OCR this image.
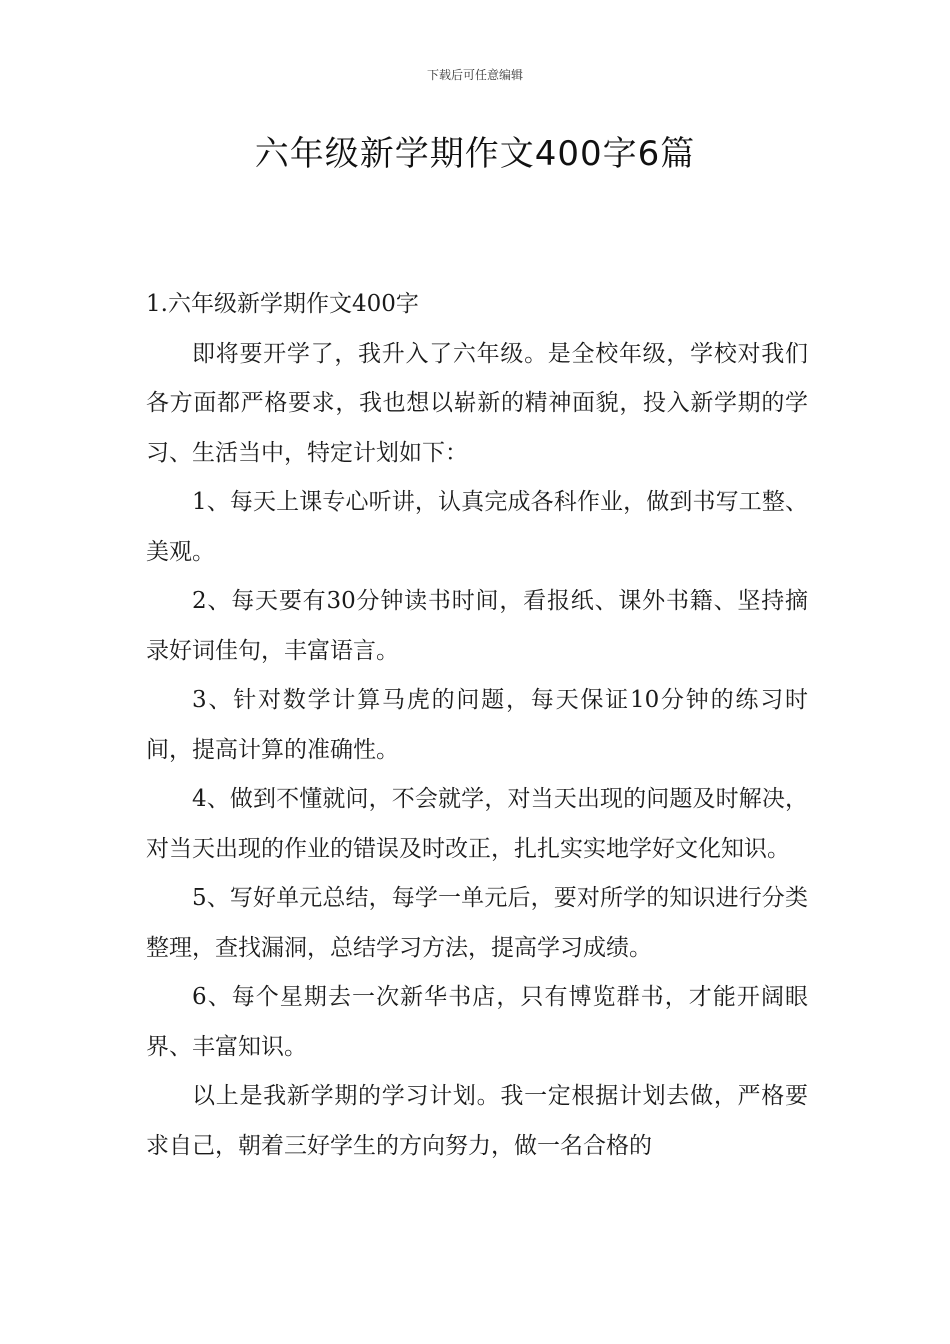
下载后可任意编辑
六年级新学期作文400字6篇
1.六年级新学期作文400字

即将要开学了，我升入了六年级。是全校年级，学校对我们各方面都严格要求，我也想以崭新的精神面貌，投入新学期的学习、生活当中，特定计划如下：

1、每天上课专心听讲，认真完成各科作业，做到书写工整、美观。

2、每天要有30分钟读书时间，看报纸、课外书籍、坚持摘录好词佳句，丰富语言。

3、针对数学计算马虎的问题，每天保证10分钟的练习时间，提高计算的准确性。

4、做到不懂就问，不会就学，对当天出现的问题及时解决，对当天出现的作业的错误及时改正，扎扎实实地学好文化知识。

5、写好单元总结，每学一单元后，要对所学的知识进行分类整理，查找漏洞，总结学习方法，提高学习成绩。

6、每个星期去一次新华书店，只有博览群书，才能开阔眼界、丰富知识。

以上是我新学期的学习计划。我一定根据计划去做，严格要求自己，朝着三好学生的方向努力，做一名合格的
